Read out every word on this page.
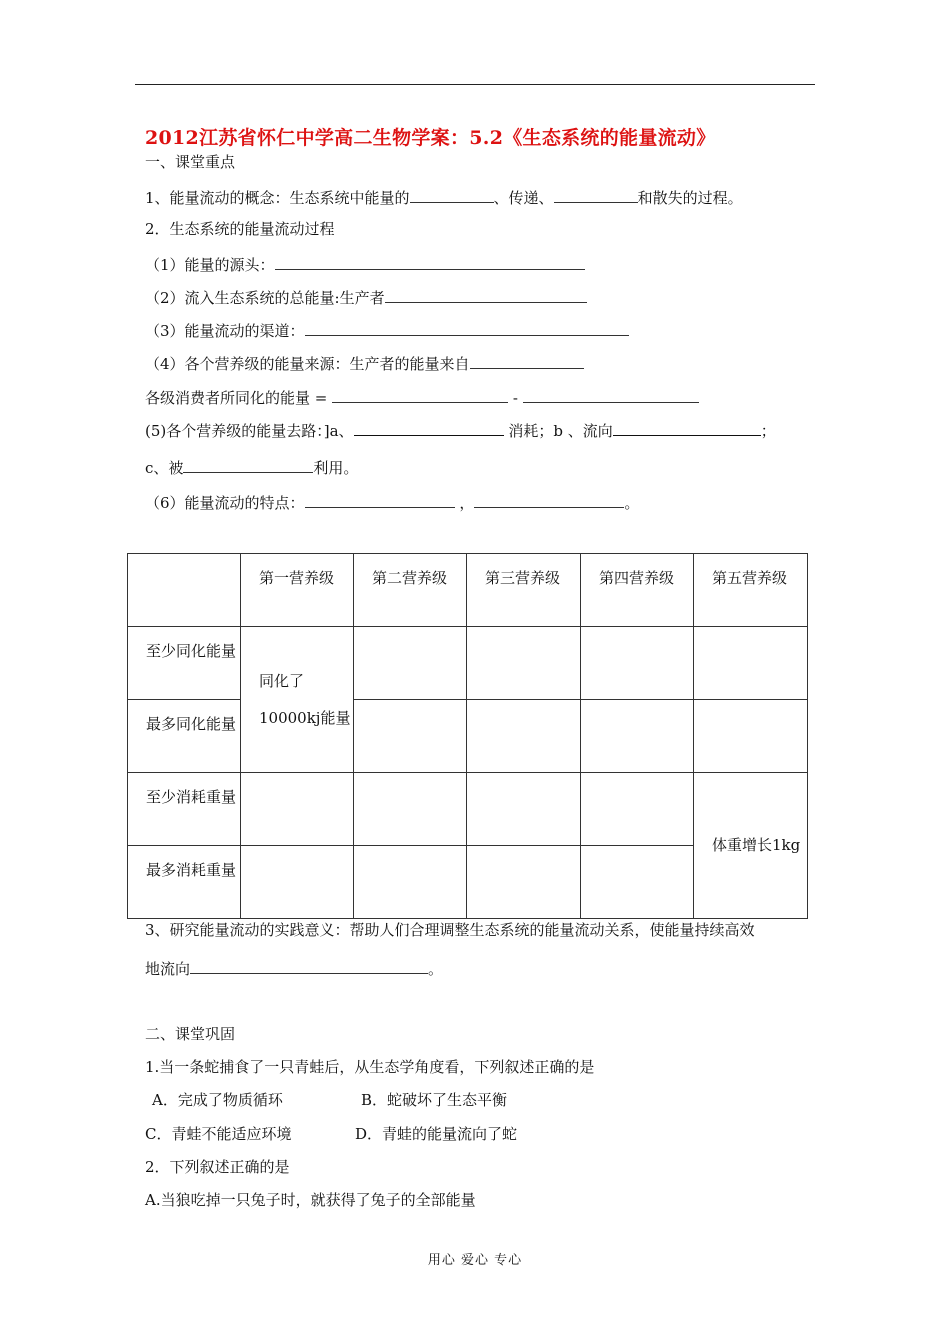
2012江苏省怀仁中学高二生物学案：5.2《生态系统的能量流动》
一、课堂重点
1、能量流动的概念：生态系统中能量的	、传递、	和散失的过程。
2．生态系统的能量流动过程
（1）能量的源头：
（2）流入生态系统的总能量:生产者
（3）能量流动的渠道：
（4）各个营养级的能量来源：生产者的能量来自
各级消费者所同化的能量 =	-
(5)各个营养级的能量去路：]a、	消耗；b 、流向	；
c、被	利用。
（6）能量流动的特点：	，	。
	第一营养级	第二营养级	第三营养级	第四营养级	第五营养级
至少同化能量	同化了10000kj能量				
最多同化能量					
至少消耗重量					体重增长1kg
最多消耗重量					
3、研究能量流动的实践意义：帮助人们合理调整生态系统的能量流动关系，使能量持续高效
地流向	。
二、课堂巩固
1.当一条蛇捕食了一只青蛙后，从生态学角度看，下列叙述正确的是
A．完成了物质循环	B．蛇破坏了生态平衡
C．青蛙不能适应环境	D．青蛙的能量流向了蛇
2．下列叙述正确的是
A.当狼吃掉一只兔子时，就获得了兔子的全部能量
用心 爱心 专心
